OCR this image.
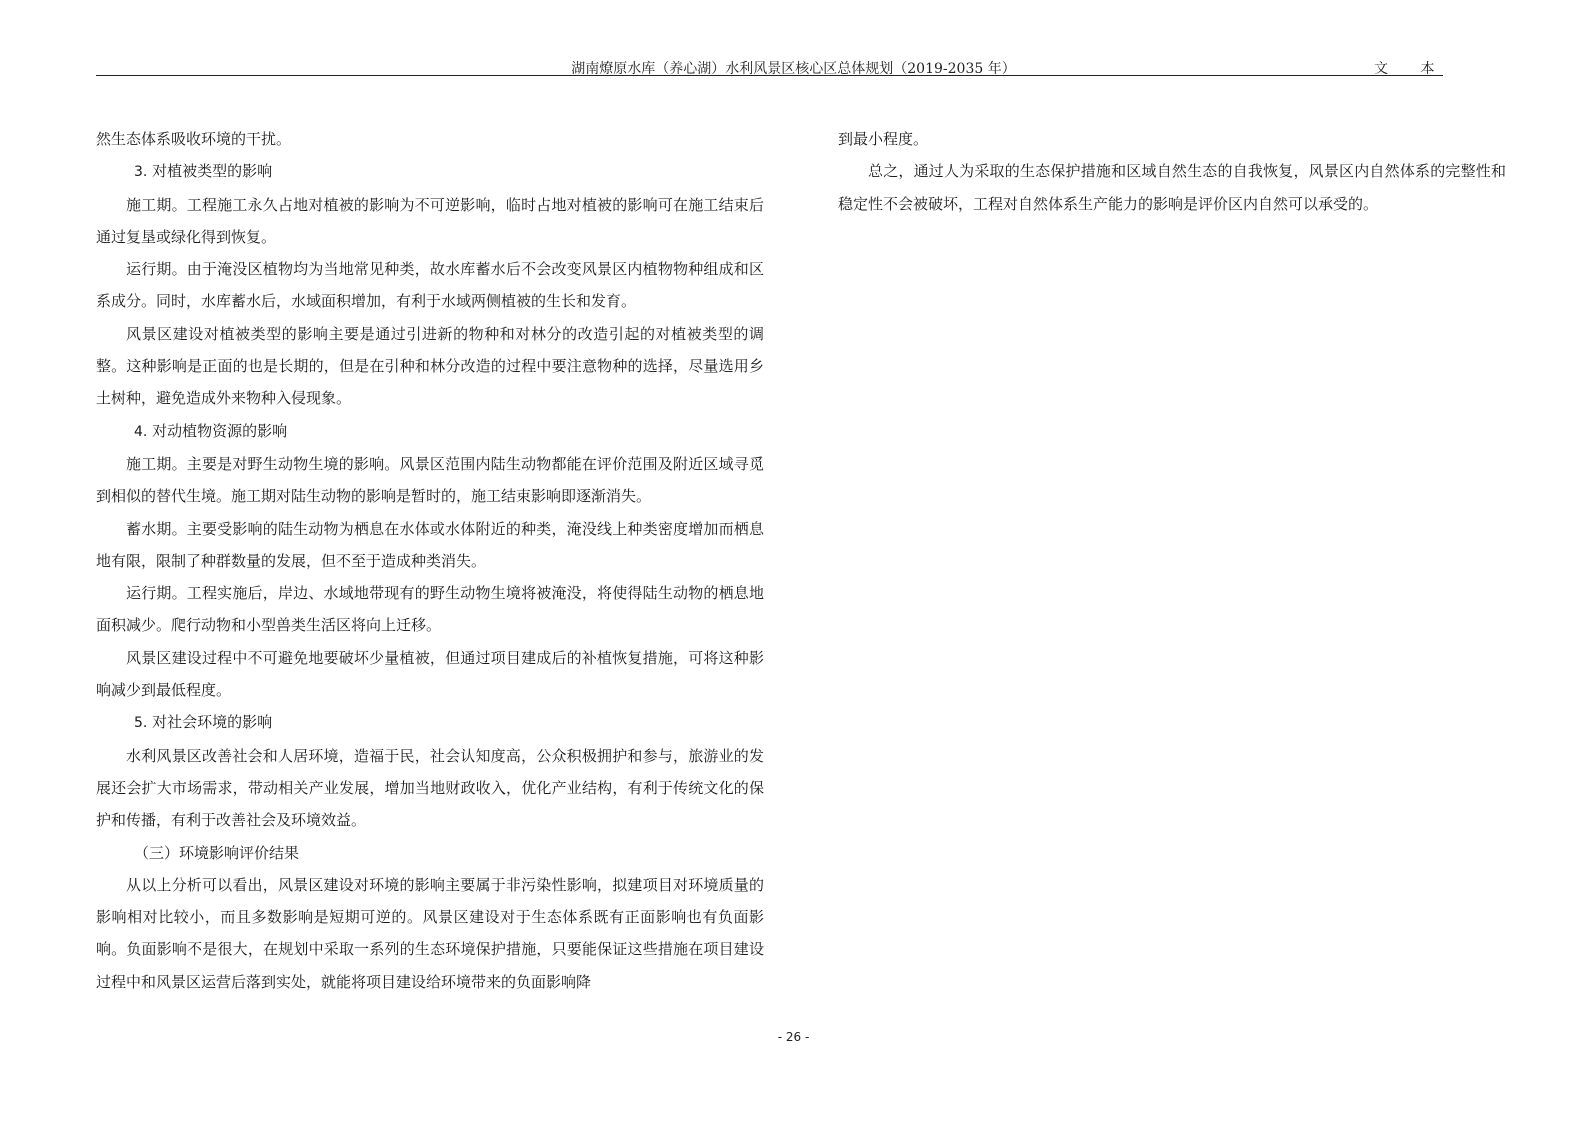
湖南燎原水库（养心湖）水利风景区核心区总体规划（2019-2035 年）	文 本

然生态体系吸收环境的干扰。

3. 对植被类型的影响

施工期。工程施工永久占地对植被的影响为不可逆影响，临时占地对植被的影响可在施工结束后通过复垦或绿化得到恢复。

运行期。由于淹没区植物均为当地常见种类，故水库蓄水后不会改变风景区内植物物种组成和区系成分。同时，水库蓄水后，水域面积增加，有利于水域两侧植被的生长和发育。

风景区建设对植被类型的影响主要是通过引进新的物种和对林分的改造引起的对植被类型的调整。这种影响是正面的也是长期的，但是在引种和林分改造的过程中要注意物种的选择，尽量选用乡土树种，避免造成外来物种入侵现象。

4. 对动植物资源的影响

施工期。主要是对野生动物生境的影响。风景区范围内陆生动物都能在评价范围及附近区域寻觅到相似的替代生境。施工期对陆生动物的影响是暂时的，施工结束影响即逐渐消失。

蓄水期。主要受影响的陆生动物为栖息在水体或水体附近的种类，淹没线上种类密度增加而栖息地有限，限制了种群数量的发展，但不至于造成种类消失。

运行期。工程实施后，岸边、水域地带现有的野生动物生境将被淹没，将使得陆生动物的栖息地面积减少。爬行动物和小型兽类生活区将向上迁移。

风景区建设过程中不可避免地要破坏少量植被，但通过项目建成后的补植恢复措施，可将这种影响减少到最低程度。

5. 对社会环境的影响

水利风景区改善社会和人居环境，造福于民，社会认知度高，公众积极拥护和参与，旅游业的发展还会扩大市场需求，带动相关产业发展，增加当地财政收入，优化产业结构，有利于传统文化的保护和传播，有利于改善社会及环境效益。

（三）环境影响评价结果

从以上分析可以看出，风景区建设对环境的影响主要属于非污染性影响，拟建项目对环境质量的影响相对比较小，而且多数影响是短期可逆的。风景区建设对于生态体系既有正面影响也有负面影响。负面影响不是很大，在规划中采取一系列的生态环境保护措施，只要能保证这些措施在项目建设过程中和风景区运营后落到实处，就能将项目建设给环境带来的负面影响降

到最小程度。

总之，通过人为采取的生态保护措施和区域自然生态的自我恢复，风景区内自然体系的完整性和稳定性不会被破坏，工程对自然体系生产能力的影响是评价区内自然可以承受的。

- 26 -
